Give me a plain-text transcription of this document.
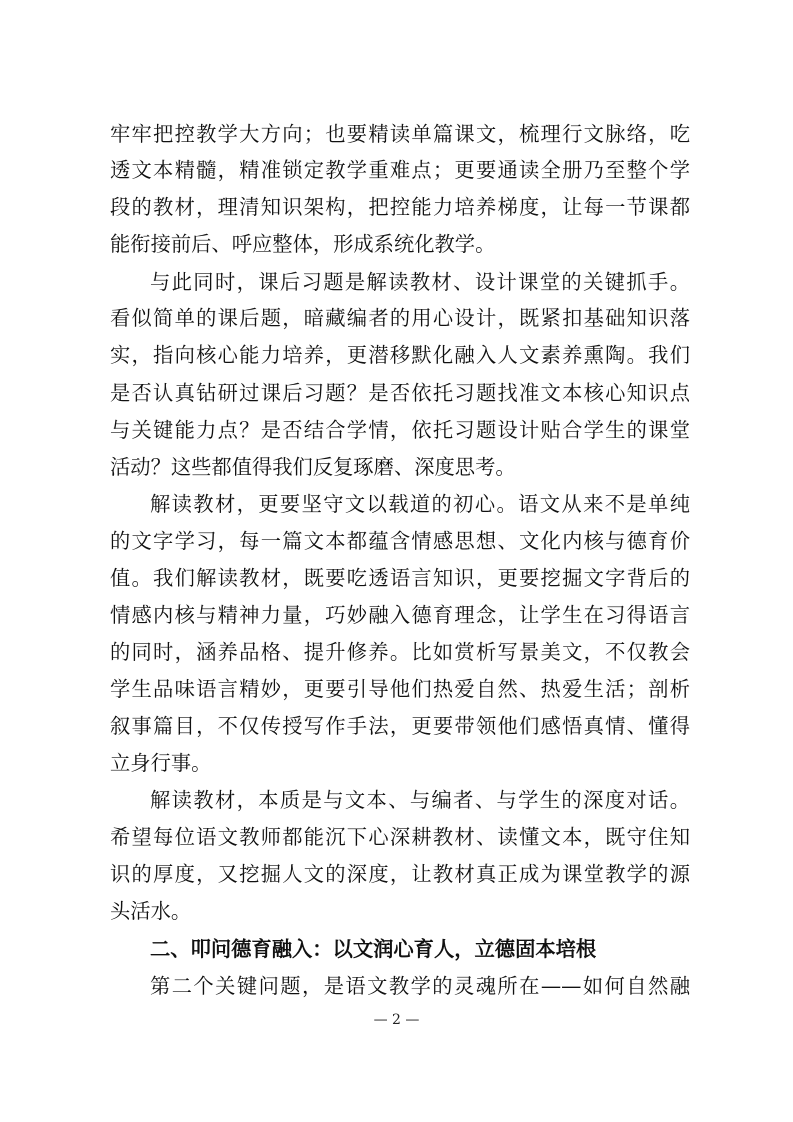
牢牢把控教学大方向；也要精读单篇课文，梳理行文脉络，吃
透文本精髓，精准锁定教学重难点；更要通读全册乃至整个学
段的教材，理清知识架构，把控能力培养梯度，让每一节课都
能衔接前后、呼应整体，形成系统化教学。
与此同时，课后习题是解读教材、设计课堂的关键抓手。
看似简单的课后题，暗藏编者的用心设计，既紧扣基础知识落
实，指向核心能力培养，更潜移默化融入人文素养熏陶。我们
是否认真钻研过课后习题？是否依托习题找准文本核心知识点
与关键能力点？是否结合学情，依托习题设计贴合学生的课堂
活动？这些都值得我们反复琢磨、深度思考。
解读教材，更要坚守文以载道的初心。语文从来不是单纯
的文字学习，每一篇文本都蕴含情感思想、文化内核与德育价
值。我们解读教材，既要吃透语言知识，更要挖掘文字背后的
情感内核与精神力量，巧妙融入德育理念，让学生在习得语言
的同时，涵养品格、提升修养。比如赏析写景美文，不仅教会
学生品味语言精妙，更要引导他们热爱自然、热爱生活；剖析
叙事篇目，不仅传授写作手法，更要带领他们感悟真情、懂得
立身行事。
解读教材，本质是与文本、与编者、与学生的深度对话。
希望每位语文教师都能沉下心深耕教材、读懂文本，既守住知
识的厚度，又挖掘人文的深度，让教材真正成为课堂教学的源
头活水。
二、叩问德育融入：以文润心育人，立德固本培根
第二个关键问题，是语文教学的灵魂所在——如何自然融
— 2 —
